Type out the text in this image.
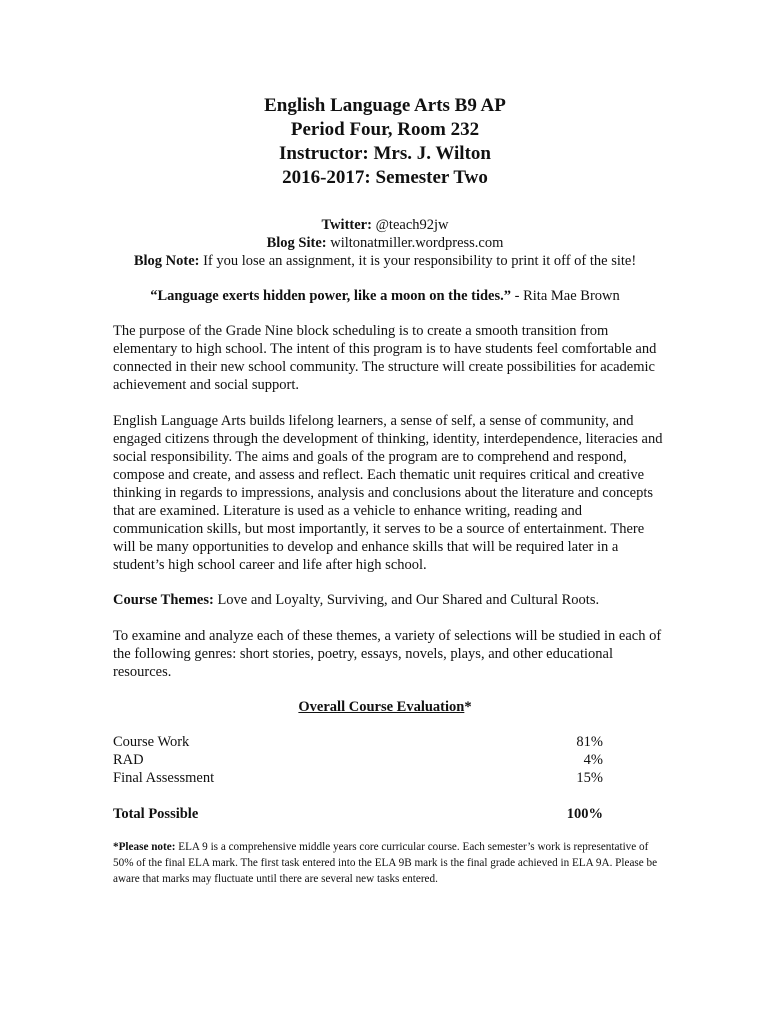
English Language Arts B9 AP
Period Four, Room 232
Instructor: Mrs. J. Wilton
2016-2017: Semester Two
Twitter: @teach92jw
Blog Site: wiltonatmiller.wordpress.com
Blog Note: If you lose an assignment, it is your responsibility to print it off of the site!
“Language exerts hidden power, like a moon on the tides.” - Rita Mae Brown

The purpose of the Grade Nine block scheduling is to create a smooth transition from elementary to high school. The intent of this program is to have students feel comfortable and connected in their new school community. The structure will create possibilities for academic achievement and social support.

English Language Arts builds lifelong learners, a sense of self, a sense of community, and engaged citizens through the development of thinking, identity, interdependence, literacies and social responsibility. The aims and goals of the program are to comprehend and respond, compose and create, and assess and reflect. Each thematic unit requires critical and creative thinking in regards to impressions, analysis and conclusions about the literature and concepts that are examined. Literature is used as a vehicle to enhance writing, reading and communication skills, but most importantly, it serves to be a source of entertainment. There will be many opportunities to develop and enhance skills that will be required later in a student’s high school career and life after high school.

Course Themes: Love and Loyalty, Surviving, and Our Shared and Cultural Roots.

To examine and analyze each of these themes, a variety of selections will be studied in each of the following genres: short stories, poetry, essays, novels, plays, and other educational resources.

Overall Course Evaluation*
Course Work	81%
RAD	4%
Final Assessment	15%
Total Possible	100%

*Please note: ELA 9 is a comprehensive middle years core curricular course. Each semester’s work is representative of 50% of the final ELA mark. The first task entered into the ELA 9B mark is the final grade achieved in ELA 9A. Please be aware that marks may fluctuate until there are several new tasks entered.
